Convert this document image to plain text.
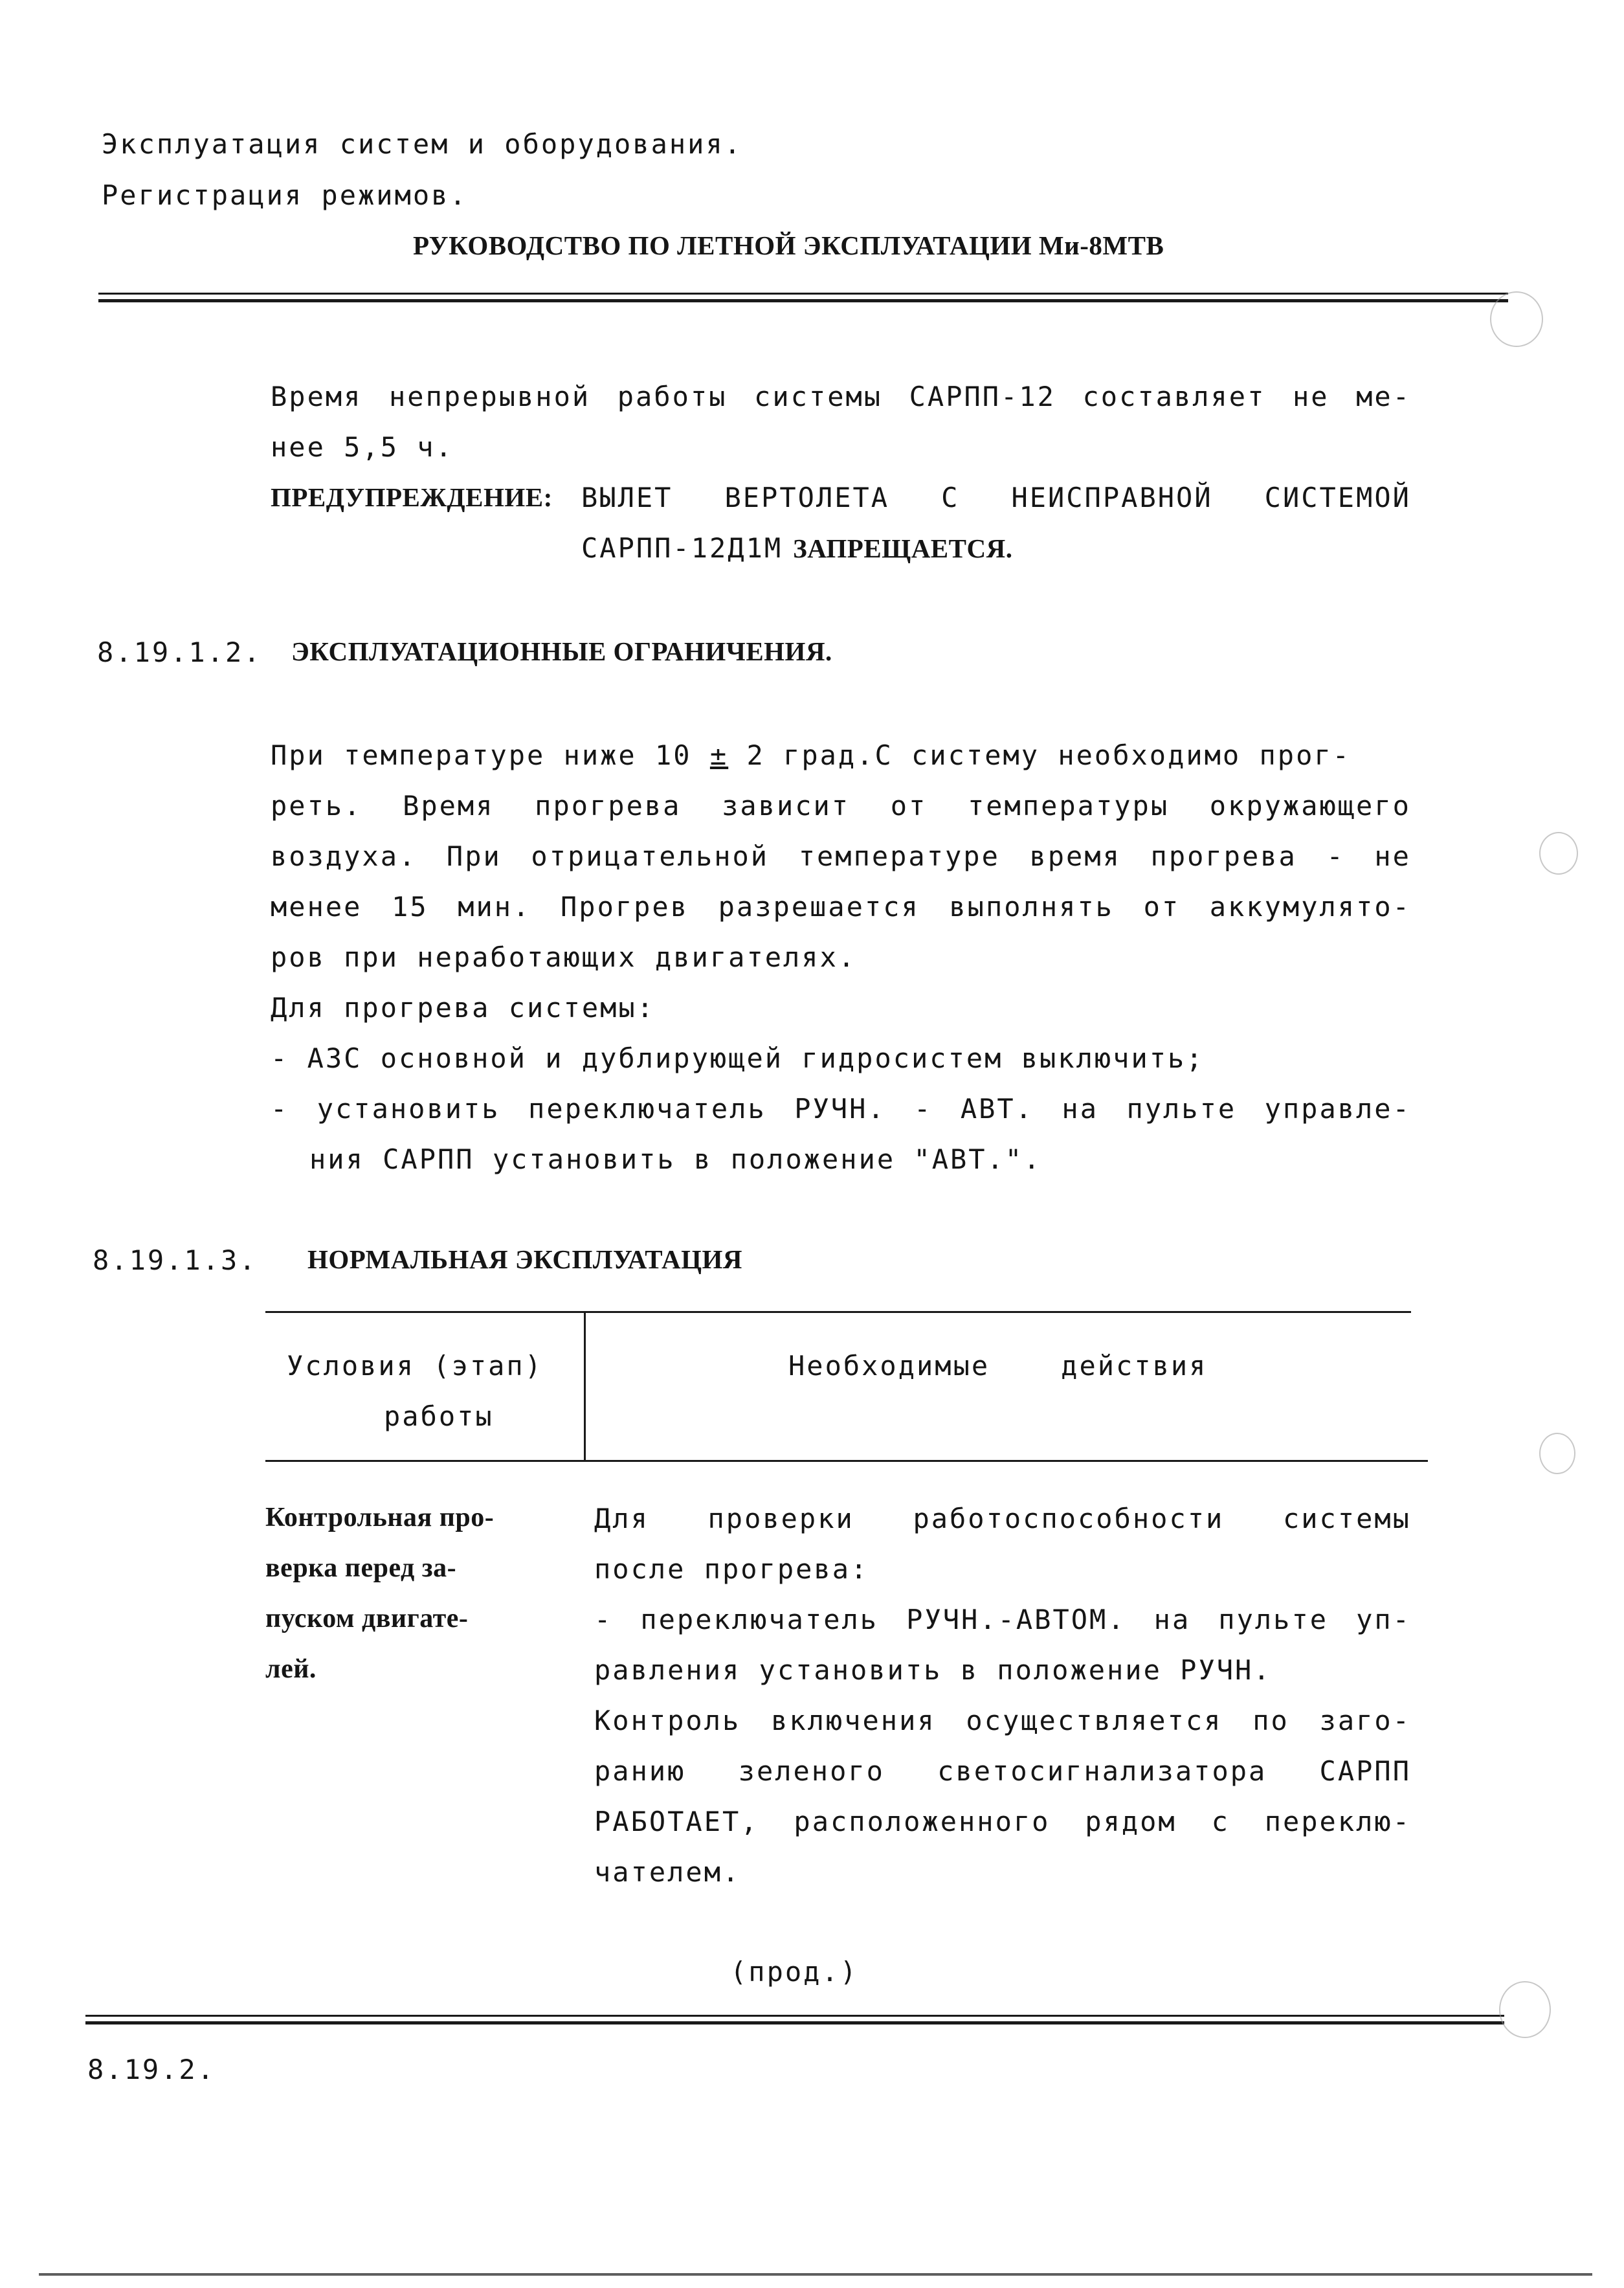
Эксплуатация систем и оборудования.
Регистрация режимов.
РУКОВОДСТВО ПО ЛЕТНОЙ ЭКСПЛУАТАЦИИ Ми-8МТВ
Время непрерывной работы системы САРПП-12 составляет не ме-
нее 5,5 ч.
ПРЕДУПРЕЖДЕНИЕ: ВЫЛЕТ ВЕРТОЛЕТА С НЕИСПРАВНОЙ СИСТЕМОЙ
САРПП-12Д1М ЗАПРЕЩАЕТСЯ.
8.19.1.2. ЭКСПЛУАТАЦИОННЫЕ ОГРАНИЧЕНИЯ.
При температуре ниже 10 ± 2 град.С систему необходимо прог-
реть. Время прогрева зависит от температуры окружающего
воздуха. При отрицательной температуре время прогрева - не
менее 15 мин. Прогрев разрешается выполнять от аккумулято-
ров при неработающих двигателях.
Для прогрева системы:
- АЗС основной и дублирующей гидросистем выключить;
- установить переключатель РУЧН. - АВТ. на пульте управле-
ния САРПП установить в положение "АВТ.".
8.19.1.3. НОРМАЛЬНАЯ ЭКСПЛУАТАЦИЯ
Условия (этап)
работы
Необходимые	действия
Контрольная про-
верка перед за-
пуском двигате-
лей.
Для проверки работоспособности системы
после прогрева:
- переключатель РУЧН.-АВТОМ. на пульте уп-
равления установить в положение РУЧН.
Контроль включения осуществляется по заго-
ранию зеленого светосигнализатора САРПП
РАБОТАЕТ, расположенного рядом с переклю-
чателем.
(прод.)
8.19.2.
